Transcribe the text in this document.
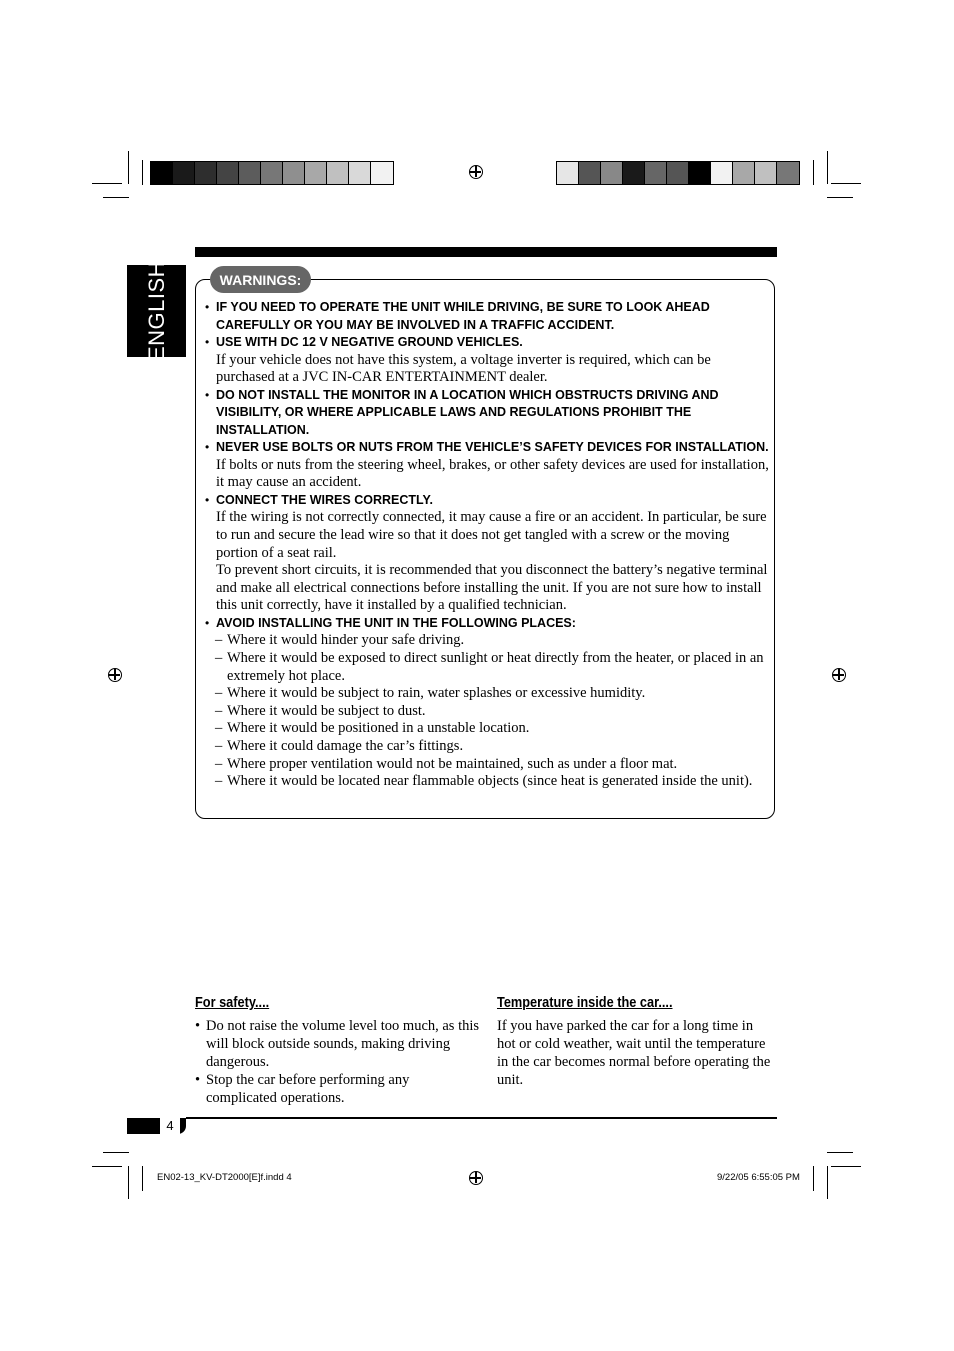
ENGLISH	WARNINGS:
• IF YOU NEED TO OPERATE THE UNIT WHILE DRIVING, BE SURE TO LOOK AHEAD CAREFULLY OR YOU MAY BE INVOLVED IN A TRAFFIC ACCIDENT.
• USE WITH DC 12 V NEGATIVE GROUND VEHICLES.
If your vehicle does not have this system, a voltage inverter is required, which can be purchased at a JVC IN-CAR ENTERTAINMENT dealer.
• DO NOT INSTALL THE MONITOR IN A LOCATION WHICH OBSTRUCTS DRIVING AND VISIBILITY, OR WHERE APPLICABLE LAWS AND REGULATIONS PROHIBIT THE INSTALLATION.
• NEVER USE BOLTS OR NUTS FROM THE VEHICLE’S SAFETY DEVICES FOR INSTALLATION.
If bolts or nuts from the steering wheel, brakes, or other safety devices are used for installation, it may cause an accident.
• CONNECT THE WIRES CORRECTLY.
If the wiring is not correctly connected, it may cause a fire or an accident. In particular, be sure to run and secure the lead wire so that it does not get tangled with a screw or the moving portion of a seat rail.
To prevent short circuits, it is recommended that you disconnect the battery’s negative terminal and make all electrical connections before installing the unit. If you are not sure how to install this unit correctly, have it installed by a qualified technician.
• AVOID INSTALLING THE UNIT IN THE FOLLOWING PLACES:
– Where it would hinder your safe driving.
– Where it would be exposed to direct sunlight or heat directly from the heater, or placed in an extremely hot place.
– Where it would be subject to rain, water splashes or excessive humidity.
– Where it would be subject to dust.
– Where it would be positioned in a unstable location.
– Where it could damage the car’s fittings.
– Where proper ventilation would not be maintained, such as under a floor mat.
– Where it would be located near flammable objects (since heat is generated inside the unit).
For safety....
• Do not raise the volume level too much, as this will block outside sounds, making driving dangerous.
• Stop the car before performing any complicated operations.
Temperature inside the car....
If you have parked the car for a long time in hot or cold weather, wait until the temperature in the car becomes normal before operating the unit.
4
EN02-13_KV-DT2000[E]f.indd 4	9/22/05 6:55:05 PM
